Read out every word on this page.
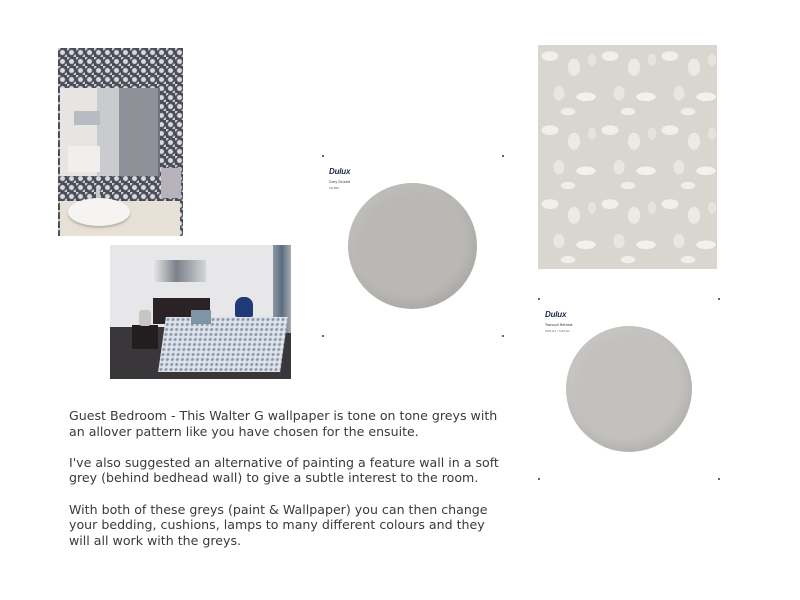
Dulux
Grey Drizzle
SG3B5
Dulux
Tranquil Retreat
SW1G1 / SW1G1

Guest Bedroom - This Walter G wallpaper is tone on tone greys with an allover pattern like you have chosen for the ensuite.

I've also suggested an alternative of painting a feature wall in a soft grey (behind bedhead wall) to give a subtle interest to the room.

With both of these greys (paint & Wallpaper) you can then change your bedding, cushions, lamps to many different colours and they will all work with the greys.
